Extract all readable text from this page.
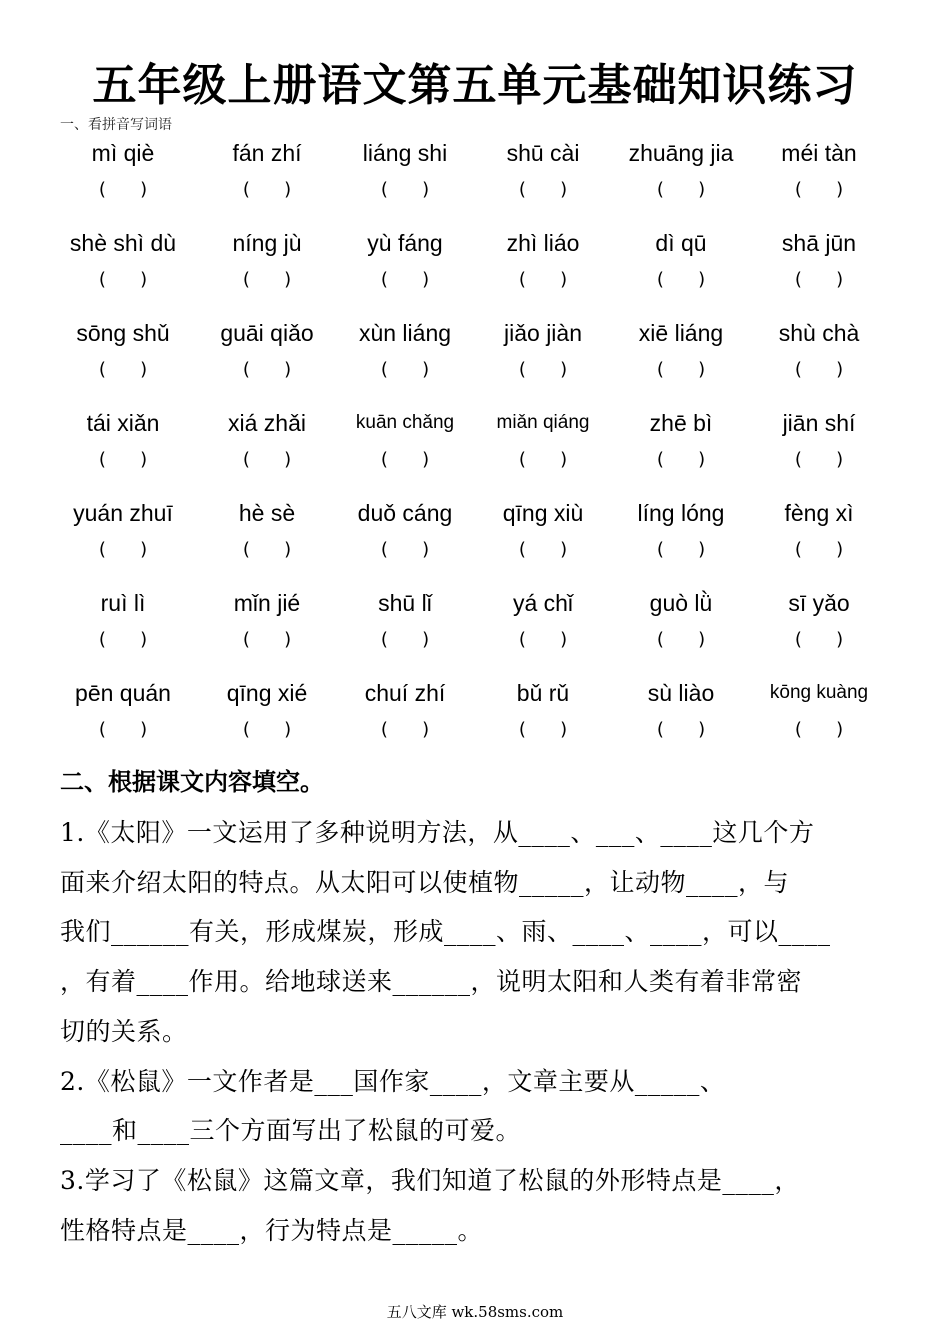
五年级上册语文第五单元基础知识练习
一、看拼音写词语
mì qiè
(      )
fán zhí
(      )
liáng shi
(      )
shū cài
(      )
zhuāng jia
(      )
méi tàn
(      )
shè shì dù
(      )
níng jù
(      )
yù fáng
(      )
zhì liáo
(      )
dì qū
(      )
shā jūn
(      )
sōng shǔ
(      )
guāi qiǎo
(      )
xùn liáng
(      )
jiǎo jiàn
(      )
xiē liáng
(      )
shù chà
(      )
tái xiǎn
(      )
xiá zhǎi
(      )
kuān chǎng
(      )
miǎn qiáng
(      )
zhē bì
(      )
jiān shí
(      )
yuán zhuī
(      )
hè sè
(      )
duǒ cáng
(      )
qīng xiù
(      )
líng lóng
(      )
fèng xì
(      )
ruì lì
(      )
mǐn jié
(      )
shū lǐ
(      )
yá chǐ
(      )
guò lǜ
(      )
sī yǎo
(      )
pēn quán
(      )
qīng xié
(      )
chuí zhí
(      )
bǔ rǔ
(      )
sù liào
(      )
kōng kuàng
(      )
二、根据课文内容填空。

1.《太阳》一文运用了多种说明方法，从____、___、____这几个方

面来介绍太阳的特点。从太阳可以使植物_____，让动物____，与

我们______有关，形成煤炭，形成____、雨、____、____，可以____

，有着____作用。给地球送来______，说明太阳和人类有着非常密

切的关系。

2.《松鼠》一文作者是___国作家____，文章主要从_____、

____和____三个方面写出了松鼠的可爱。

3.学习了《松鼠》这篇文章，我们知道了松鼠的外形特点是____，

性格特点是____，行为特点是_____。

五八文库 wk.58sms.com
